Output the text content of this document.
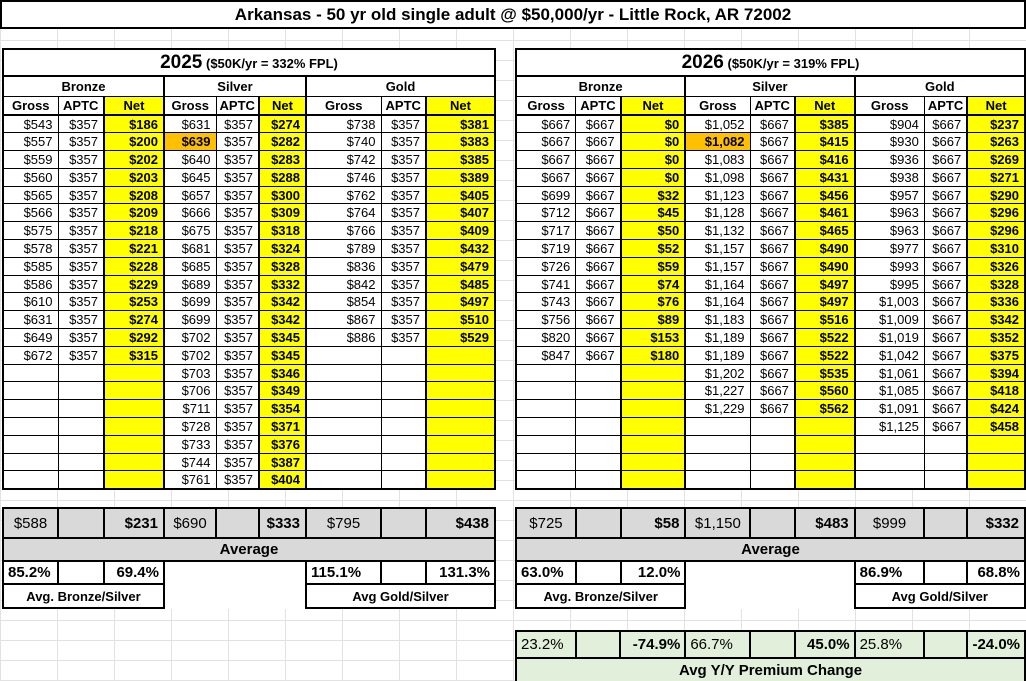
Arkansas - 50 yr old single adult @ $50,000/yr - Little Rock, AR 72002
2025 ($50K/yr = 332% FPL)								
Bronze			Silver			Gold		
Gross	APTC	Net	Gross	APTC	Net	Gross	APTC	Net
$543	$357	$186	$631	$357	$274	$738	$357	$381
$557	$357	$200	$639	$357	$282	$740	$357	$383
$559	$357	$202	$640	$357	$283	$742	$357	$385
$560	$357	$203	$645	$357	$288	$746	$357	$389
$565	$357	$208	$657	$357	$300	$762	$357	$405
$566	$357	$209	$666	$357	$309	$764	$357	$407
$575	$357	$218	$675	$357	$318	$766	$357	$409
$578	$357	$221	$681	$357	$324	$789	$357	$432
$585	$357	$228	$685	$357	$328	$836	$357	$479
$586	$357	$229	$689	$357	$332	$842	$357	$485
$610	$357	$253	$699	$357	$342	$854	$357	$497
$631	$357	$274	$699	$357	$342	$867	$357	$510
$649	$357	$292	$702	$357	$345	$886	$357	$529
$672	$357	$315	$702	$357	$345			
			$703	$357	$346			
			$706	$357	$349			
			$711	$357	$354			
			$728	$357	$371			
			$733	$357	$376			
			$744	$357	$387			
			$761	$357	$404			
2026 ($50K/yr = 319% FPL)								
Bronze			Silver			Gold		
Gross	APTC	Net	Gross	APTC	Net	Gross	APTC	Net
$667	$667	$0	$1,052	$667	$385	$904	$667	$237
$667	$667	$0	$1,082	$667	$415	$930	$667	$263
$667	$667	$0	$1,083	$667	$416	$936	$667	$269
$667	$667	$0	$1,098	$667	$431	$938	$667	$271
$699	$667	$32	$1,123	$667	$456	$957	$667	$290
$712	$667	$45	$1,128	$667	$461	$963	$667	$296
$717	$667	$50	$1,132	$667	$465	$963	$667	$296
$719	$667	$52	$1,157	$667	$490	$977	$667	$310
$726	$667	$59	$1,157	$667	$490	$993	$667	$326
$741	$667	$74	$1,164	$667	$497	$995	$667	$328
$743	$667	$76	$1,164	$667	$497	$1,003	$667	$336
$756	$667	$89	$1,183	$667	$516	$1,009	$667	$342
$820	$667	$153	$1,189	$667	$522	$1,019	$667	$352
$847	$667	$180	$1,189	$667	$522	$1,042	$667	$375
			$1,202	$667	$535	$1,061	$667	$394
			$1,227	$667	$560	$1,085	$667	$418
			$1,229	$667	$562	$1,091	$667	$424
						$1,125	$667	$458

$588		$231	$690		$333	$795		$438
Average								
85.2%		69.4%				115.1%		131.3%
Avg. Bronze/Silver						Avg Gold/Silver		
$725		$58	$1,150		$483	$999		$332
Average								
63.0%		12.0%				86.9%		68.8%
Avg. Bronze/Silver						Avg Gold/Silver		
23.2%		-74.9%	66.7%		45.0%	25.8%		-24.0%
Avg Y/Y Premium Change
